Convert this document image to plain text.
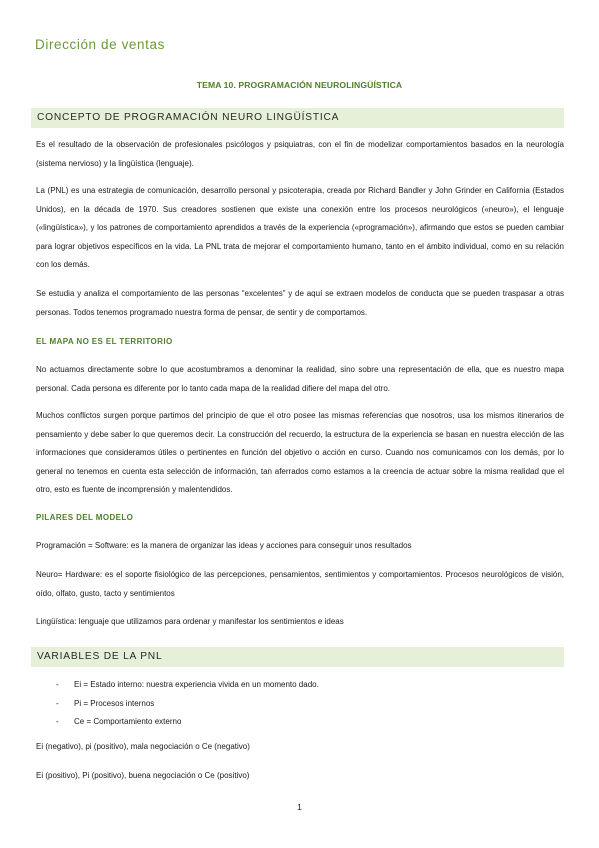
Dirección de ventas
TEMA 10. PROGRAMACIÓN NEUROLINGÜÍSTICA
CONCEPTO DE PROGRAMACIÓN NEURO LINGÜÍSTICA
Es el resultado de la observación de profesionales psicólogos y psiquiatras, con el fin de modelizar comportamientos basados en la neurología (sistema nervioso) y la lingüística (lenguaje).
La (PNL) es una estrategia de comunicación, desarrollo personal y psicoterapia, creada por Richard Bandler y John Grinder en California (Estados Unidos), en la década de 1970. Sus creadores sostienen que existe una conexión entre los procesos neurológicos («neuro»), el lenguaje («lingüística»), y los patrones de comportamiento aprendidos a través de la experiencia («programación»), afirmando que estos se pueden cambiar para lograr objetivos específicos en la vida. La PNL trata de mejorar el comportamiento humano, tanto en el ámbito individual, como en su relación con los demás.
Se estudia y analiza el comportamiento de las personas “excelentes” y de aquí se extraen modelos de conducta que se pueden traspasar a otras personas. Todos tenemos programado nuestra forma de pensar, de sentir y de comportamos.
EL MAPA NO ES EL TERRITORIO
No actuamos directamente sobre lo que acostumbramos a denominar la realidad, sino sobre una representación de ella, que es nuestro mapa personal. Cada persona es diferente por lo tanto cada mapa de la realidad difiere del mapa del otro.
Muchos conflictos surgen porque partimos del principio de que el otro posee las mismas referencias que nosotros, usa los mismos itinerarios de pensamiento y debe saber lo que queremos decir. La construcción del recuerdo, la estructura de la experiencia se basan en nuestra elección de las informaciones que consideramos útiles o pertinentes en función del objetivo o acción en curso. Cuando nos comunicamos con los demás, por lo general no tenemos en cuenta esta selección de información, tan aferrados como estamos a la creencia de actuar sobre la misma realidad que el otro, esto es fuente de incomprensión y malentendidos.
PILARES DEL MODELO
Programación = Software: es la manera de organizar las ideas y acciones para conseguir unos resultados
Neuro= Hardware: es el soporte fisiológico de las percepciones, pensamientos, sentimientos y comportamientos. Procesos neurológicos de visión, oído, olfato, gusto, tacto y sentimientos
Lingüística: lenguaje que utilizamos para ordenar y manifestar los sentimientos e ideas
VARIABLES DE LA PNL
- Ei = Estado interno: nuestra experiencia vivida en un momento dado.
- Pi = Procesos internos
- Ce = Comportamiento externo
Ei (negativo), pi (positivo), mala negociación o Ce (negativo)
Ei (positivo), Pi (positivo), buena negociación o Ce (positivo)
1
